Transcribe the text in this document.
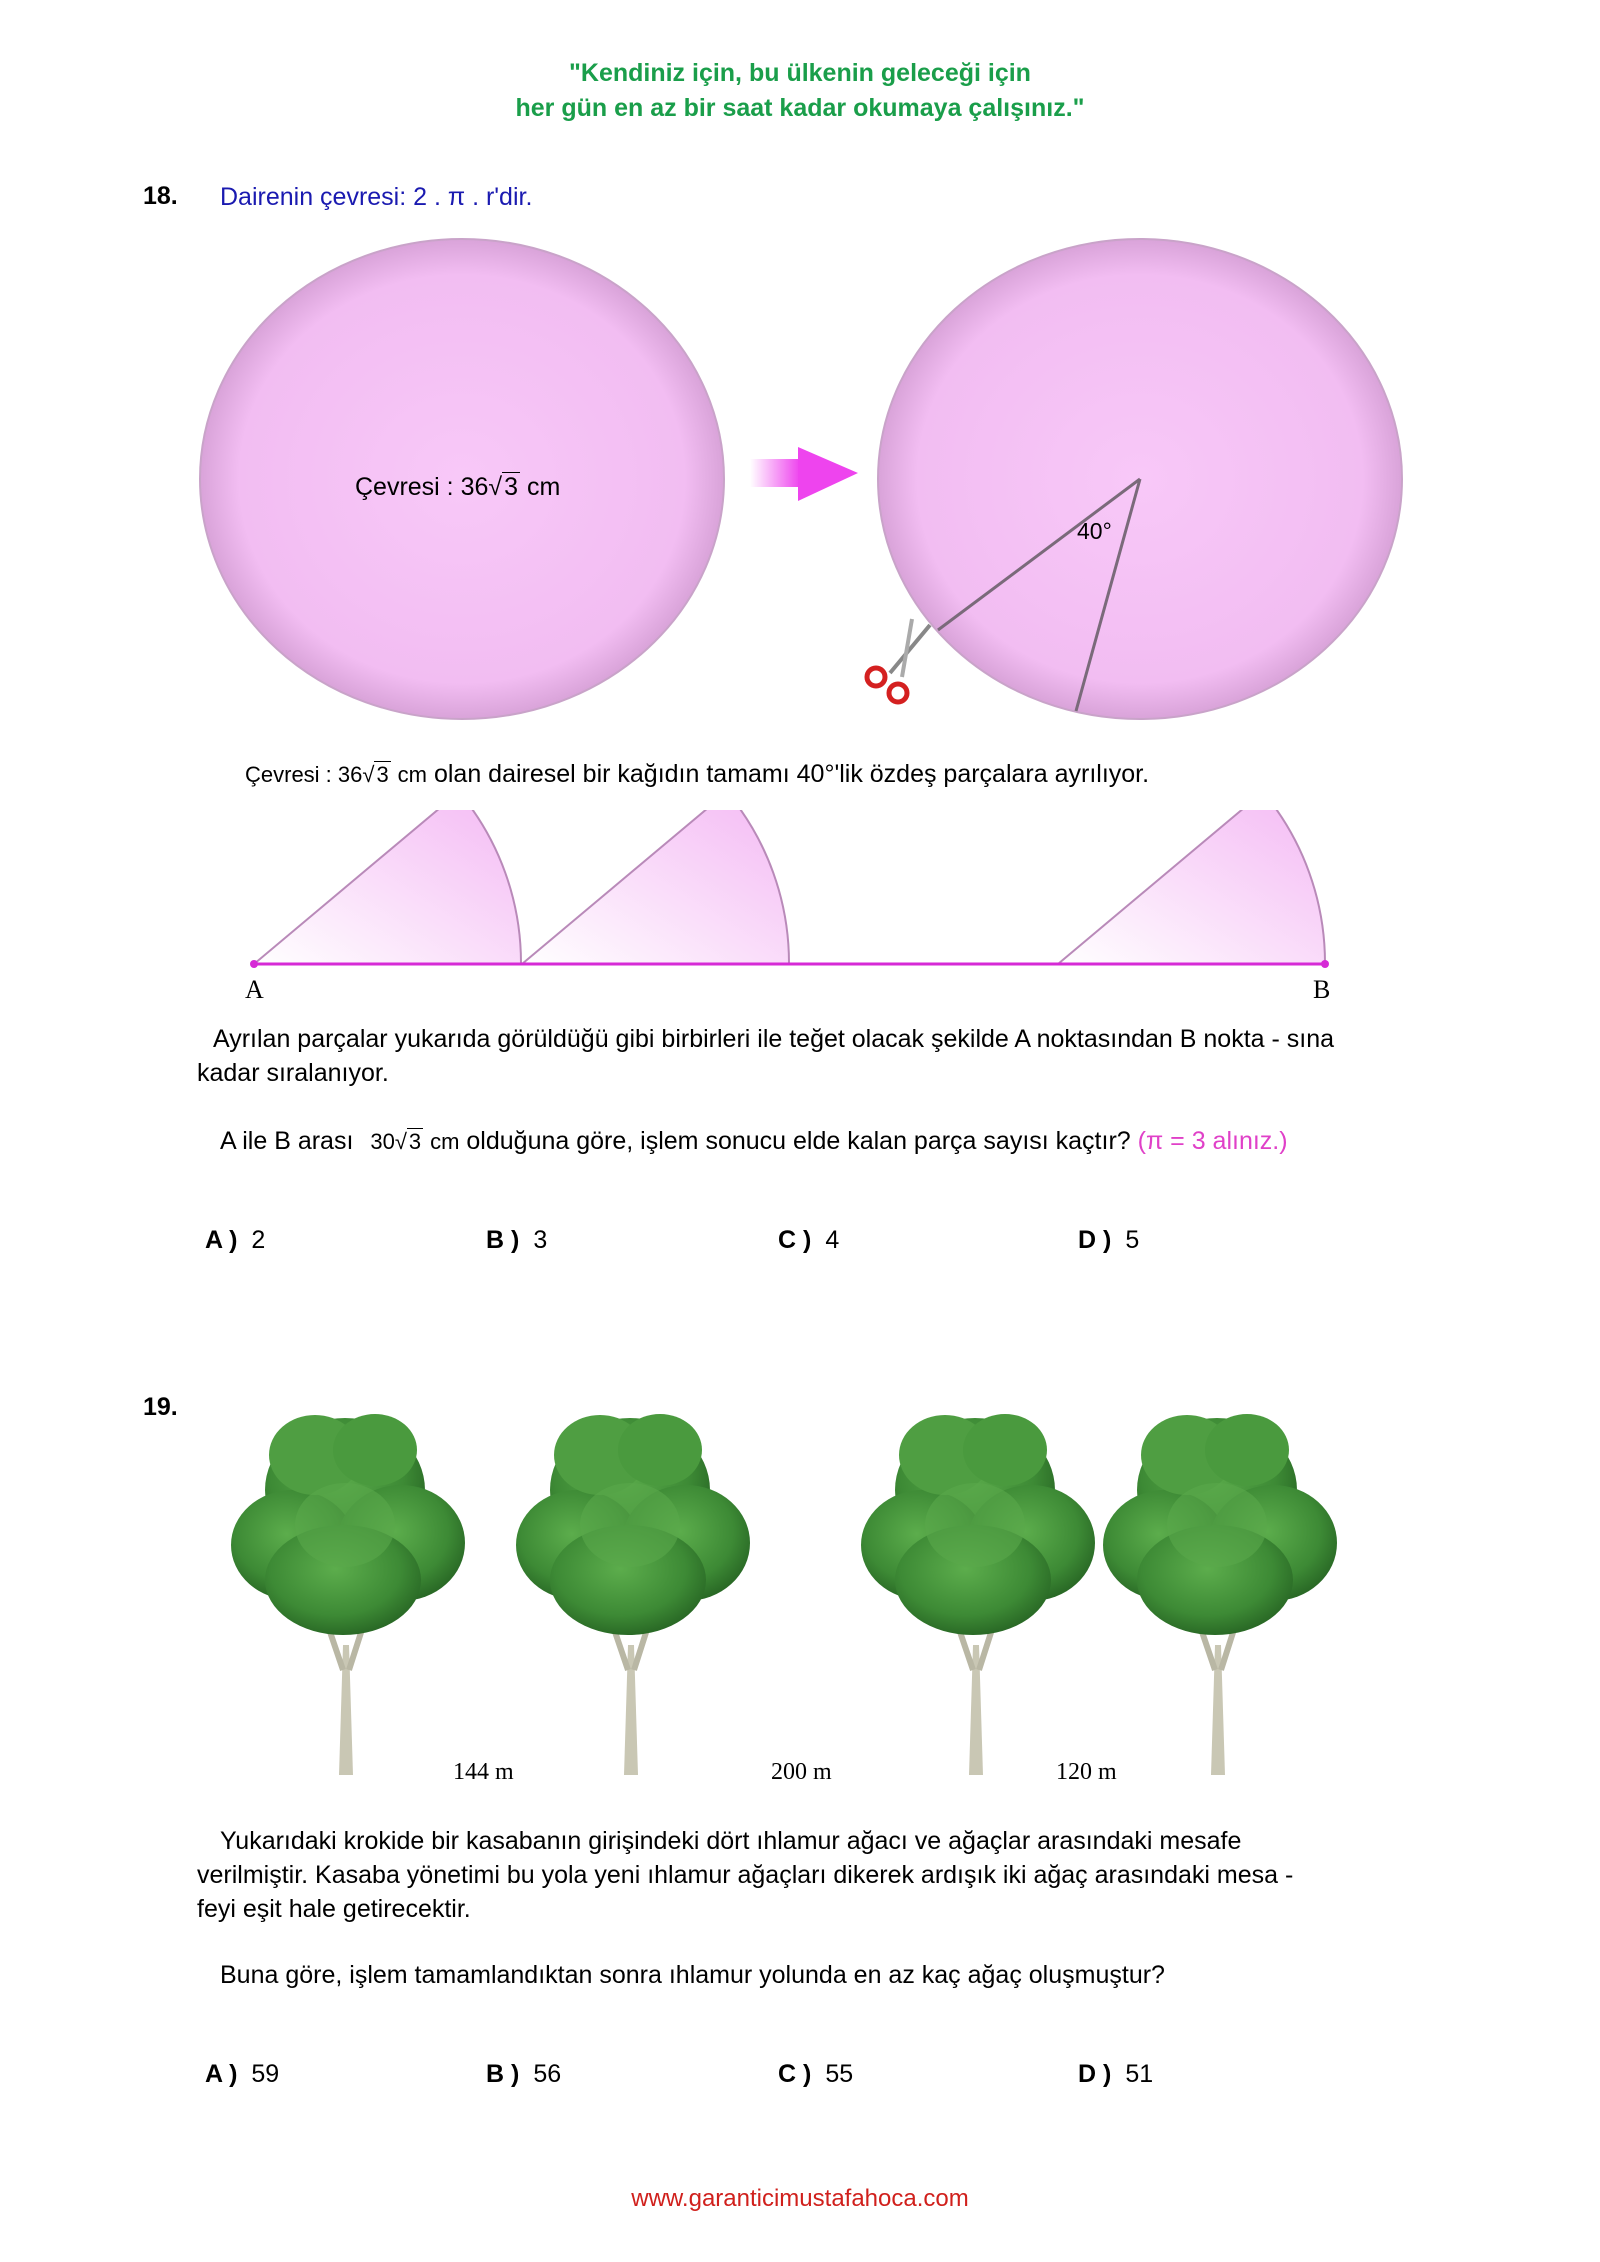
"Kendiniz için, bu ülkenin geleceği için
her gün en az bir saat kadar okumaya çalışınız."
18. Dairenin çevresi: 2 . π . r'dir.
Çevresi : 36√3 cm
40°
Çevresi : 36√3 cm olan dairesel bir kağıdın tamamı 40°'lik özdeş parçalara ayrılıyor.
A	B
Ayrılan parçalar yukarıda görüldüğü gibi birbirleri ile teğet olacak şekilde A noktasından B nokta - sına kadar sıralanıyor.
A ile B arası 30√3 cm olduğuna göre, işlem sonucu elde kalan parça sayısı kaçtır? (π = 3 alınız.)
A ) 2	B ) 3	C ) 4	D ) 5
19.
144 m	200 m	120 m
Yukarıdaki krokide bir kasabanın girişindeki dört ıhlamur ağacı ve ağaçlar arasındaki mesafe
verilmiştir. Kasaba yönetimi bu yola yeni ıhlamur ağaçları dikerek ardışık iki ağaç arasındaki mesa -
feyi eşit hale getirecektir.
Buna göre, işlem tamamlandıktan sonra ıhlamur yolunda en az kaç ağaç oluşmuştur?
A ) 59	B ) 56	C ) 55	D ) 51
www.garanticimustafahoca.com
